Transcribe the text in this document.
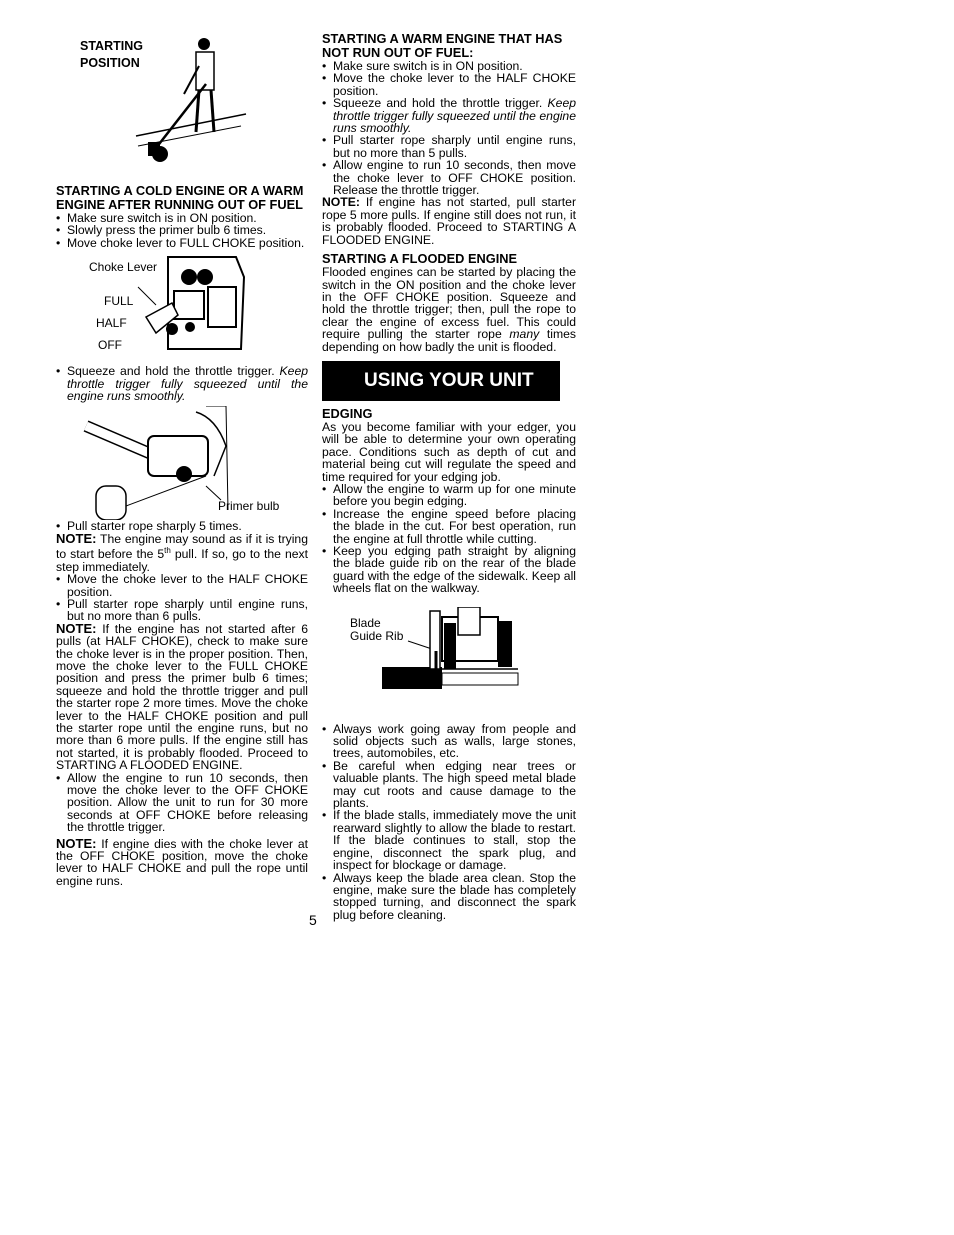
STARTING
POSITION
STARTING A COLD ENGINE OR A WARM ENGINE AFTER RUNNING OUT OF FUEL
• Make sure switch is in ON position.
• Slowly press the primer bulb 6 times.
• Move choke lever to FULL CHOKE position.
Choke Lever
FULL
HALF
OFF
• Squeeze and hold the throttle trigger. Keep throttle trigger fully squeezed until the engine runs smoothly.
Primer bulb
• Pull starter rope sharply 5 times.

NOTE: The engine may sound as if it is trying to start before the 5th pull. If so, go to the next step immediately.

• Move the choke lever to the HALF CHOKE position.
• Pull starter rope sharply until engine runs, but no more than 6 pulls.

NOTE: If the engine has not started after 6 pulls (at HALF CHOKE), check to make sure the choke lever is in the proper position. Then, move the choke lever to the FULL CHOKE position and press the primer bulb 6 times; squeeze and hold the throttle trigger and pull the starter rope 2 more times. Move the choke lever to the HALF CHOKE position and pull the starter rope until the engine runs, but no more than 6 more pulls. If the engine still has not started, it is probably flooded. Proceed to STARTING A FLOODED ENGINE.

• Allow the engine to run 10 seconds, then move the choke lever to the OFF CHOKE position. Allow the unit to run for 30 more seconds at OFF CHOKE before releasing the throttle trigger.

NOTE: If engine dies with the choke lever at the OFF CHOKE position, move the choke lever to HALF CHOKE and pull the rope until engine runs.

STARTING A WARM ENGINE THAT HAS NOT RUN OUT OF FUEL:
• Make sure switch is in ON position.
• Move the choke lever to the HALF CHOKE position.
• Squeeze and hold the throttle trigger. Keep throttle trigger fully squeezed until the engine runs smoothly.
• Pull starter rope sharply until engine runs, but no more than 5 pulls.
• Allow engine to run 10 seconds, then move the choke lever to OFF CHOKE position. Release the throttle trigger.

NOTE: If engine has not started, pull starter rope 5 more pulls. If engine still does not run, it is probably flooded. Proceed to STARTING A FLOODED ENGINE.

STARTING A FLOODED ENGINE

Flooded engines can be started by placing the switch in the ON position and the choke lever in the OFF CHOKE position. Squeeze and hold the throttle trigger; then, pull the rope to clear the engine of excess fuel. This could require pulling the starter rope many times depending on how badly the unit is flooded.

USING YOUR UNIT
EDGING

As you become familiar with your edger, you will be able to determine your own operating pace. Conditions such as depth of cut and material being cut will regulate the speed and time required for your edging job.

• Allow the engine to warm up for one minute before you begin edging.
• Increase the engine speed before placing the blade in the cut. For best operation, run the engine at full throttle while cutting.
• Keep you edging path straight by aligning the blade guide rib on the rear of the blade guard with the edge of the sidewalk. Keep all wheels flat on the walkway.
Blade
Guide Rib
• Always work going away from people and solid objects such as walls, large stones, trees, automobiles, etc.
• Be careful when edging near trees or valuable plants. The high speed metal blade may cut roots and cause damage to the plants.
• If the blade stalls, immediately move the unit rearward slightly to allow the blade to restart. If the blade continues to stall, stop the engine, disconnect the spark plug, and inspect for blockage or damage.
• Always keep the blade area clean. Stop the engine, make sure the blade has completely stopped turning, and disconnect the spark plug before cleaning.
5
